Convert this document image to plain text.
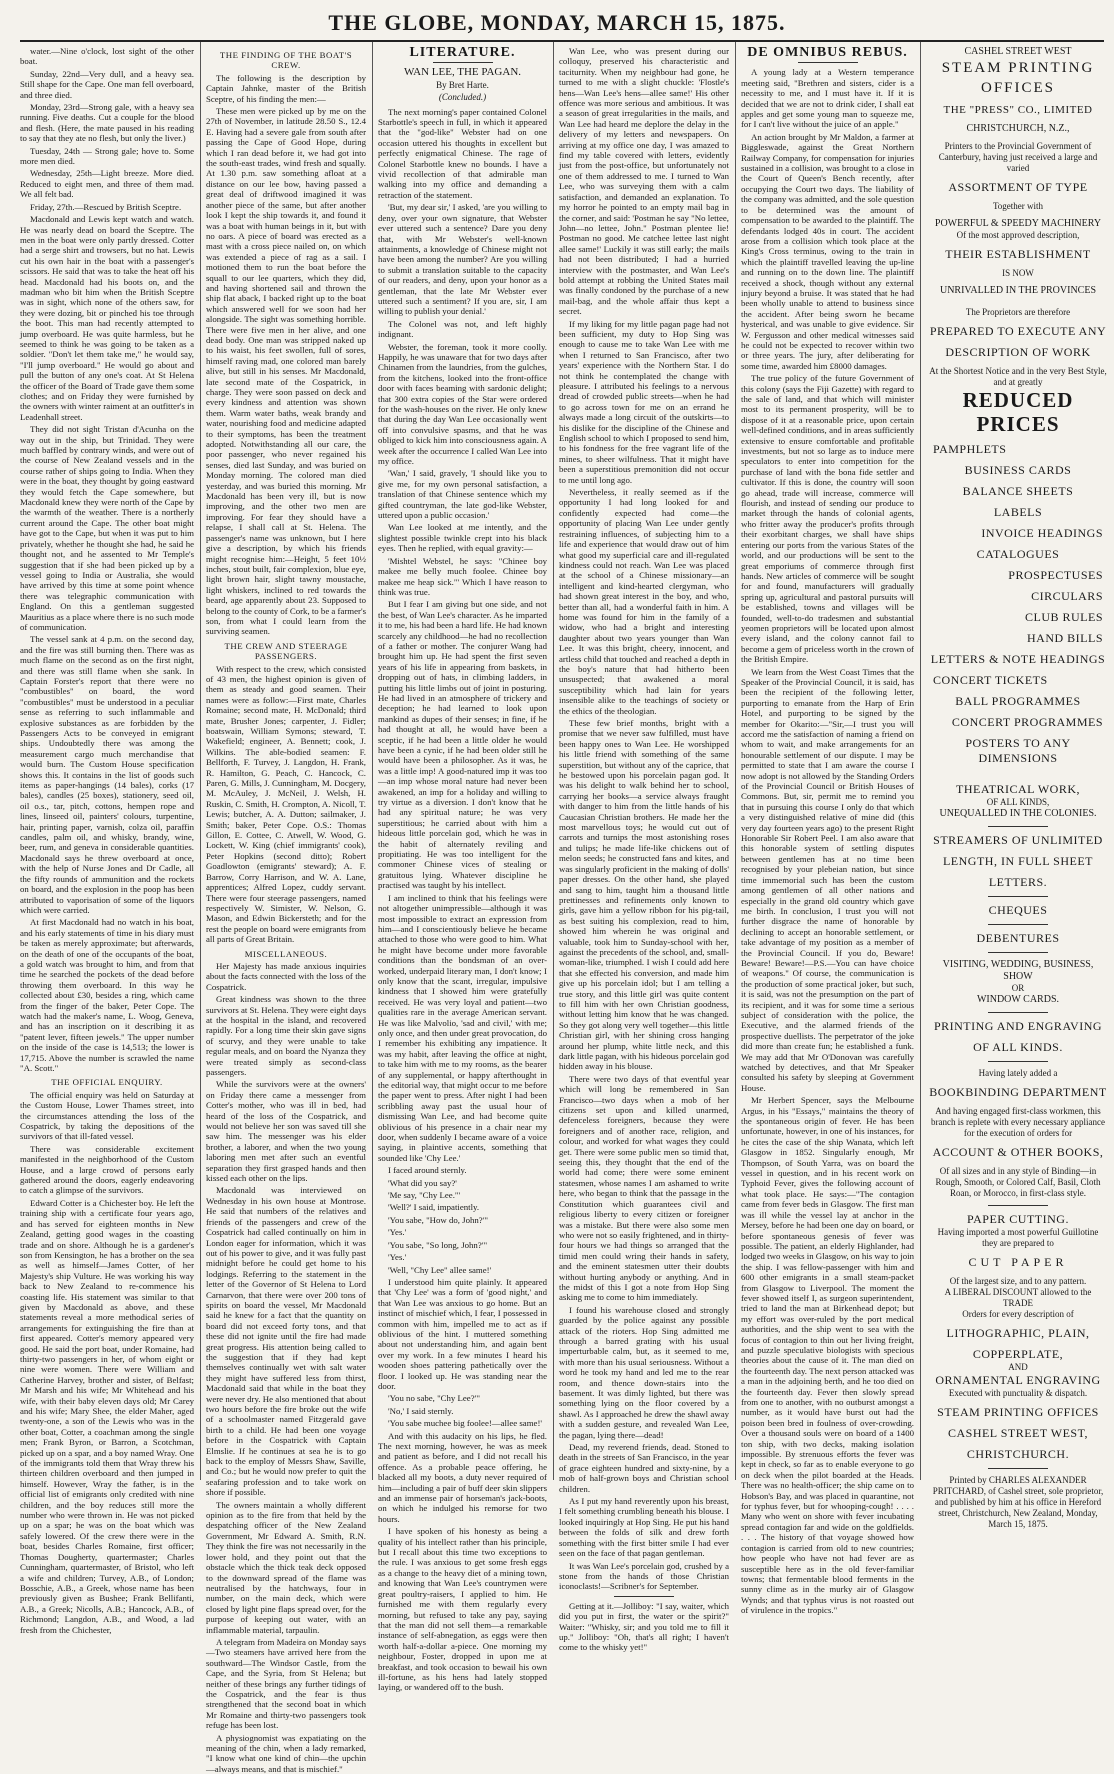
THE GLOBE, MONDAY, MARCH 15, 1875.

water.—Nine o'clock, lost sight of the other boat.

Sunday, 22nd—Very dull, and a heavy sea. Still shape for the Cape. One man fell overboard, and three died.

Monday, 23rd—Strong gale, with a heavy sea running. Five deaths. Cut a couple for the blood and flesh. (Here, the mate paused in his reading to say that they ate no flesh, but only the liver.)

Tuesday, 24th — Strong gale; hove to. Some more men died.

Wednesday, 25th—Light breeze. More died. Reduced to eight men, and three of them mad. We all felt bad.

Friday, 27th.—Rescued by British Sceptre.

Macdonald and Lewis kept watch and watch. He was nearly dead on board the Sceptre. The men in the boat were only partly dressed. Cotter had a serge shirt and trowsers, but no hat. Lewis cut his own hair in the boat with a passenger's scissors. He said that was to take the heat off his head. Macdonald had his boots on, and the madman who bit him when the British Sceptre was in sight, which none of the others saw, for they were dozing, bit or pinched his toe through the boot. This man had recently attempted to jump overboard. He was quite harmless, but he seemed to think he was going to be taken as a soldier. "Don't let them take me," he would say, "I'll jump overboard." He would go about and pull the button of any one's coat. At St Helena the officer of the Board of Trade gave them some clothes; and on Friday they were furnished by the owners with winter raiment at an outfitter's in Leadenhall street.

They did not sight Tristan d'Acunha on the way out in the ship, but Trinidad. They were much baffled by contrary winds, and were out of the course of New Zealand vessels and in the course rather of ships going to India. When they were in the boat, they thought by going eastward they would fetch the Cape somewhere, but Macdonald knew they were north of the Cape by the warmth of the weather. There is a northerly current around the Cape. The other boat might have got to the Cape, but when it was put to him privately, whether he thought she had, he said he thought not, and he assented to Mr Temple's suggestion that if she had been picked up by a vessel going to India or Australia, she would have arrived by this time at some point whence there was telegraphic communication with England. On this a gentleman suggested Mauritius as a place where there is no such mode of communication.

The vessel sank at 4 p.m. on the second day, and the fire was still burning then. There was as much flame on the second as on the first night, and there was still flame when she sank. In Captain Forster's report that there were no "combustibles" on board, the word "combustibles" must be understood in a peculiar sense as referring to such inflammable and explosive substances as are forbidden by the Passengers Acts to be conveyed in emigrant ships. Undoubtedly there was among the measurement cargo much merchandise that would burn. The Custom House specification shows this. It contains in the list of goods such items as paper-hangings (14 bales), corks (17 bales), candles (25 boxes), stationery, seed oil, oil o.s., tar, pitch, cottons, hempen rope and lines, linseed oil, painters' colours, turpentine, hair, printing paper, varnish, colza oil, paraffin candles, palm oil, and whisky, brandy, wine, beer, rum, and geneva in considerable quantities. Macdonald says he threw overboard at once, with the help of Nurse Jones and Dr Cadle, all the fifty rounds of ammunition and the rockets on board, and the explosion in the poop has been attributed to vaporisation of some of the liquors which were carried.

At first Macdonald had no watch in his boat, and his early statements of time in his diary must be taken as merely approximate; but afterwards, on the death of one of the occupants of the boat, a gold watch was brought to him, and from that time he searched the pockets of the dead before throwing them overboard. In this way he collected about £30, besides a ring, which came from the finger of the baker, Peter Cope. The watch had the maker's name, L. Woog, Geneva, and has an inscription on it describing it as "patent lever, fifteen jewels." The upper number on the inside of the case is 14,513; the lower is 17,715. Above the number is scrawled the name "A. Scott."

THE OFFICIAL ENQUIRY.

The official enquiry was held on Saturday at the Custom House, Lower Thames street, into the circumstances attending the loss of the Cospatrick, by taking the depositions of the survivors of that ill-fated vessel.

There was considerable excitement manifested in the neighborhood of the Custom House, and a large crowd of persons early gathered around the doors, eagerly endeavoring to catch a glimpse of the survivors.

Edward Cotter is a Chichester boy. He left the training ship with a certificate four years ago, and has served for eighteen months in New Zealand, getting good wages in the coasting trade and on shore. Although he is a gardener's son from Kensington, he has a brother on the sea as well as himself—James Cotter, of her Majesty's ship Vulture. He was working his way back to New Zealand to re-commence his coasting life. His statement was similar to that given by Macdonald as above, and these statements reveal a more methodical series of arrangements for extinguishing the fire than at first appeared. Cotter's memory appeared very good. He said the port boat, under Romaine, had thirty-two passengers in her, of whom eight or nine were women. There were William and Catherine Harvey, brother and sister, of Belfast; Mr Marsh and his wife; Mr Whitehead and his wife, with their baby eleven days old; Mr Carey and his wife; Mary Shee, the elder Maher, aged twenty-one, a son of the Lewis who was in the other boat, Cotter, a coachman among the single men; Frank Byron, or Barron, a Scotchman, picked up on a spar, and a boy named Wray. One of the immigrants told them that Wray threw his thirteen children overboard and then jumped in himself. However, Wray the father, is in the official list of emigrants only credited with nine children, and the boy reduces still more the number who were thrown in. He was not picked up on a spar; he was on the boat which was safely lowered. Of the crew there were in the boat, besides Charles Romaine, first officer; Thomas Dougherty, quartermaster; Charles Cunningham, quartermaster, of Bristol, who left a wife and children; Turvey, A.B., of London; Bosschie, A.B., a Greek, whose name has been previously given as Bushee; Frank Bellifanti, A.B., a Greek; Nicolls, A.B.; Hancock, A.B., of Richmond; Langdon, A.B., and Wood, a lad fresh from the Chichester,

THE FINDING OF THE BOAT'S CREW.

The following is the description by Captain Jahnke, master of the British Sceptre, of his finding the men:—

These men were picked up by me on the 27th of November, in latitude 28.50 S., 12.4 E. Having had a severe gale from south after passing the Cape of Good Hope, during which I ran dead before it, we had got into the south-east trades, wind fresh and squally. At 1.30 p.m. saw something afloat at a distance on our lee bow, having passed a great deal of driftwood imagined it was another piece of the same, but after another look I kept the ship towards it, and found it was a boat with human beings in it, but with no oars. A piece of board was erected as a mast with a cross piece nailed on, on which was extended a piece of rag as a sail. I motioned them to run the boat before the squall to our lee quarters, which they did, and having shortened sail and thrown the ship flat aback, I backed right up to the boat which answered well for we soon had her alongside. The sight was something horrible. There were five men in her alive, and one dead body. One man was stripped naked up to his waist, his feet swollen, full of sores, himself raving mad, one colored man barely alive, but still in his senses. Mr Macdonald, late second mate of the Cospatrick, in charge. They were soon passed on deck and every kindness and attention was shown them. Warm water baths, weak brandy and water, nourishing food and medicine adapted to their symptoms, has been the treatment adopted. Notwithstanding all our care, the poor passenger, who never regained his senses, died last Sunday, and was buried on Monday morning. The colored man died yesterday, and was buried this morning. Mr Macdonald has been very ill, but is now improving, and the other two men are improving. For fear they should have a relapse, I shall call at St. Helena. The passenger's name was unknown, but I here give a description, by which his friends might recognise him:—Height, 5 feet 10½ inches, stout built, fair complexion, blue eye, light brown hair, slight tawny moustache, light whiskers, inclined to red towards the beard, age apparently about 23. Supposed to belong to the county of Cork, to be a farmer's son, from what I could learn from the surviving seamen.

THE CREW AND STEERAGE PASSENGERS.

With respect to the crew, which consisted of 43 men, the highest opinion is given of them as steady and good seamen. Their names were as follow:—First mate, Charles Romaine; second mate, H. McDonald; third mate, Brusher Jones; carpenter, J. Fidler; boatswain, William Symons; steward, T. Wakefield; engineer, A. Bennett; cook, J. Wilkins. The able-bodied seamen: F. Bellforth, F. Turvey, J. Langdon, H. Frank, R. Hamilton, G. Peach, C. Hancock, C. Paren, G. Mills, J. Cunningham, M. Docgery, M. McAuley, J. McNeil, J. Welsh, H. Ruskin, C. Smith, H. Crompton, A. Nicoll, T. Lewis; butcher, A. A. Dutton; sailmaker, J. Smith; baker, Peter Cope. O.S.: Thomas Gillon, E. Cottee, C. Atwell, W. Wood, G. Lockett, W. King (chief immigrants' cook), Peter Hopkins (second ditto); Robert Goadlowton (emigrants' steward); A. F. Barrow, Corry Harrison, and W. A. Lane, apprentices; Alfred Lopez, cuddy servant. There were four steerage passengers, named respectively W. Simister, W. Nelson, G. Mason, and Edwin Bickersteth; and for the rest the people on board were emigrants from all parts of Great Britain.

MISCELLANEOUS.

Her Majesty has made anxious inquiries about the facts connected with the loss of the Cospatrick.

Great kindness was shown to the three survivors at St. Helena. They were eight days at the hospital in the island, and recovered rapidly. For a long time their skin gave signs of scurvy, and they were unable to take regular meals, and on board the Nyanza they were treated simply as second-class passengers.

While the survivors were at the owners' on Friday there came a messenger from Cotter's mother, who was ill in bed, had heard of the loss of the Cospatrick, and would not believe her son was saved till she saw him. The messenger was his elder brother, a laborer, and when the two young laboring men met after such an eventful separation they first grasped hands and then kissed each other on the lips.

Macdonald was interviewed on Wednesday in his own house at Montrose. He said that numbers of the relatives and friends of the passengers and crew of the Cospatrick had called continually on him in London eager for information, which it was out of his power to give, and it was fully past midnight before he could get home to his lodgings. Referring to the statement in the letter of the Governor of St Helena to Lord Carnarvon, that there were over 200 tons of spirits on board the vessel, Mr Macdonald said he knew for a fact that the quantity on board did not exceed forty tons, and that these did not ignite until the fire had made great progress. His attention being called to the suggestion that if they had kept themselves continually wet with salt water they might have suffered less from thirst, Macdonald said that while in the boat they were never dry. He also mentioned that about two hours before the fire broke out the wife of a schoolmaster named Fitzgerald gave birth to a child. He had been one voyage before in the Cospatrick with Captain Elmslie. If he continues at sea he is to go back to the employ of Messrs Shaw, Saville, and Co.; but he would now prefer to quit the seafaring profession and to take work on shore if possible.

The owners maintain a wholly different opinion as to the fire from that held by the despatching officer of the New Zealand Government, Mr Edward A. Smith, R.N. They think the fire was not necessarily in the lower hold, and they point out that the obstacle which the thick teak deck opposed to the downward spread of the flame was neutralised by the hatchways, four in number, on the main deck, which were closed by light pine flaps spread over, for the purpose of keeping out water, with an inflammable material, tarpaulin.

A telegram from Madeira on Monday says—Two steamers have arrived here from the southward—The Windsor Castle, from the Cape, and the Syria, from St Helena; but neither of these brings any further tidings of the Cospatrick, and the fear is thus strengthened that the second boat in which Mr Romaine and thirty-two passengers took refuge has been lost.

A physiognomist was expatiating on the meaning of the chin, when a lady remarked, "I know what one kind of chin—the upchin—always means, and that is mischief."

LITERATURE.
WAN LEE, THE PAGAN.
By Bret Harte.
(Concluded.)

The next morning's paper contained Colonel Starbottle's speech in full, in which it appeared that the "god-like" Webster had on one occasion uttered his thoughts in excellent but perfectly enigmatical Chinese. The rage of Colonel Starbottle knew no bounds. I have a vivid recollection of that admirable man walking into my office and demanding a retraction of the statement.

'But, my dear sir,' I asked, 'are you willing to deny, over your own signature, that Webster ever uttered such a sentence? Dare you deny that, with Mr Webster's well-known attainments, a knowledge of Chinese might not have been among the number? Are you willing to submit a translation suitable to the capacity of our readers, and deny, upon your honor as a gentleman, that the late Mr Webster ever uttered such a sentiment? If you are, sir, I am willing to publish your denial.'

The Colonel was not, and left highly indignant.

Webster, the foreman, took it more coolly. Happily, he was unaware that for two days after Chinamen from the laundries, from the gulches, from the kitchens, looked into the front-office door with faces beaming with sardonic delight; that 300 extra copies of the Star were ordered for the wash-houses on the river. He only knew that during the day Wan Lee occasionally went off into convulsive spasms, and that he was obliged to kick him into consciousness again. A week after the occurrence I called Wan Lee into my office.

'Wan,' I said, gravely, 'I should like you to give me, for my own personal satisfaction, a translation of that Chinese sentence which my gifted countryman, the late god-like Webster, uttered upon a public occasion.'

Wan Lee looked at me intently, and the slightest possible twinkle crept into his black eyes. Then he replied, with equal gravity:—

'Mishtel Webstel, he says: "Chinee boy makee me belly much foolee. Chinee boy makee me heap sick."' Which I have reason to think was true.

But I fear I am giving but one side, and not the best, of Wan Lee's character. As he imparted it to me, his had been a hard life. He had known scarcely any childhood—he had no recollection of a father or mother. The conjurer Wang had brought him up. He had spent the first seven years of his life in appearing from baskets, in dropping out of hats, in climbing ladders, in putting his little limbs out of joint in posturing. He had lived in an atmosphere of trickery and deception; he had learned to look upon mankind as dupes of their senses; in fine, if he had thought at all, he would have been a sceptic, if he had been a little older he would have been a cynic, if he had been older still he would have been a philosopher. As it was, he was a little imp! A good-natured imp it was too—an imp whose moral nature had never been awakened, an imp for a holiday and willing to try virtue as a diversion. I don't know that he had any spiritual nature; he was very superstitious; he carried about with him a hideous little porcelain god, which he was in the habit of alternately reviling and propitiating. He was too intelligent for the commoner Chinese vices of stealing or gratuitous lying. Whatever discipline he practised was taught by his intellect.

I am inclined to think that his feelings were not altogether unimpressible—although it was most impossible to extract an expression from him—and I conscientiously believe he became attached to those who were good to him. What he might have become under more favorable conditions than the bondsman of an over-worked, underpaid literary man, I don't know; I only know that the scant, irregular, impulsive kindness that I showed him were gratefully received. He was very loyal and patient—two qualities rare in the average American servant. He was like Malvolio, 'sad and civil,' with me; only once, and then under great provocation, do I remember his exhibiting any impatience. It was my habit, after leaving the office at night, to take him with me to my rooms, as the bearer of any supplemental, or happy afterthought in the editorial way, that might occur to me before the paper went to press. After night I had been scribbling away past the usual hour of dismissing Wan Lee, and had become quite oblivious of his presence in a chair near my door, when suddenly I became aware of a voice saying, in plaintive accents, something that sounded like 'Chy Lee.'

I faced around sternly.

'What did you say?'

'Me say, "Chy Lee."'

'Well?' I said, impatiently.

'You sabe, "How do, John?"'

'Yes.'

'You sabe, "So long, John?"'

'Yes.'

'Well, "Chy Lee" allee same!'

I understood him quite plainly. It appeared that 'Chy Lee' was a form of 'good night,' and that Wan Lee was anxious to go home. But an instinct of mischief which, I fear, I possessed in common with him, impelled me to act as if oblivious of the hint. I muttered something about not understanding him, and again bent over my work. In a few minutes I heard his wooden shoes pattering pathetically over the floor. I looked up. He was standing near the door.

'You no sabe, "Chy Lee?"'

'No,' I said sternly.

'You sabe muchee big foolee!—allee same!'

And with this audacity on his lips, he fled. The next morning, however, he was as meek and patient as before, and I did not recall his offence. As a probable peace offering, he blacked all my boots, a duty never required of him—including a pair of buff deer skin slippers and an immense pair of horseman's jack-boots, on which he indulged his remorse for two hours.

I have spoken of his honesty as being a quality of his intellect rather than his principle, but I recall about this time two exceptions to the rule. I was anxious to get some fresh eggs as a change to the heavy diet of a mining town, and knowing that Wan Lee's countrymen were great poultry-raisers, I applied to him. He furnished me with them regularly every morning, but refused to take any pay, saying that the man did not sell them—a remarkable instance of self-abnegation, as eggs were then worth half-a-dollar a-piece. One morning my neighbour, Foster, dropped in upon me at breakfast, and took occasion to bewail his own ill-fortune, as his hens had lately stopped laying, or wandered off to the bush.

Wan Lee, who was present during our colloquy, preserved his characteristic and taciturnity. When my neighbour had gone, he turned to me with a slight chuckle: 'Flostle's hens—Wan Lee's hens—allee same!' His other offence was more serious and ambitious. It was a season of great irregularities in the mails, and Wan Lee had heard me deplore the delay in the delivery of my letters and newspapers. On arriving at my office one day, I was amazed to find my table covered with letters, evidently just from the post-office, but unfortunately not one of them addressed to me. I turned to Wan Lee, who was surveying them with a calm satisfaction, and demanded an explanation. To my horror he pointed to an empty mail bag in the corner, and said: 'Postman he say "No lettee, John—no lettee, John." Postman plentee lie! Postman no good. Me catchee lettee last night allee same!' Luckily it was still early; the mails had not been distributed; I had a hurried interview with the postmaster, and Wan Lee's bold attempt at robbing the United States mail was finally condoned by the purchase of a new mail-bag, and the whole affair thus kept a secret.

If my liking for my little pagan page had not been sufficient, my duty to Hop Sing was enough to cause me to take Wan Lee with me when I returned to San Francisco, after two years' experience with the Northern Star. I do not think he contemplated the change with pleasure. I attributed his feelings to a nervous dread of crowded public streets—when he had to go across town for me on an errand he always made a long circuit of the outskirts—to his dislike for the discipline of the Chinese and English school to which I proposed to send him, to his fondness for the free vagrant life of the mines, to sheer wilfulness. That it might have been a superstitious premonition did not occur to me until long ago.

Nevertheless, it really seemed as if the opportunity I had long looked for and confidently expected had come—the opportunity of placing Wan Lee under gently restraining influences, of subjecting him to a life and experience that would draw out of him what good my superficial care and ill-regulated kindness could not reach. Wan Lee was placed at the school of a Chinese missionary—an intelligent and kind-hearted clergyman, who had shown great interest in the boy, and who, better than all, had a wonderful faith in him. A home was found for him in the family of a widow, who had a bright and interesting daughter about two years younger than Wan Lee. It was this bright, cheery, innocent, and artless child that touched and reached a depth in the boy's nature that had hitherto been unsuspected; that awakened a moral susceptibility which had lain for years insensible alike to the teachings of society or the ethics of the theologian.

These few brief months, bright with a promise that we never saw fulfilled, must have been happy ones to Wan Lee. He worshipped his little friend with something of the same superstition, but without any of the caprice, that he bestowed upon his porcelain pagan god. It was his delight to walk behind her to school, carrying her books—a service always fraught with danger to him from the little hands of his Caucasian Christian brothers. He made her the most marvellous toys; he would cut out of carrots and turnips the most astonishing roses and tulips; he made life-like chickens out of melon seeds; he constructed fans and kites, and was singularly proficient in the making of dolls' paper dresses. On the other hand, she played and sang to him, taught him a thousand little prettinesses and refinements only known to girls, gave him a yellow ribbon for his pig-tail, as best suiting his complexion, read to him, showed him wherein he was original and valuable, took him to Sunday-school with her, against the precedents of the school, and, small-woman-like, triumphed. I wish I could add here that she effected his conversion, and made him give up his porcelain idol; but I am telling a true story, and this little girl was quite content to fill him with her own Christian goodness, without letting him know that he was changed. So they got along very well together—this little Christian girl, with her shining cross hanging around her plump, white little neck, and this dark little pagan, with his hideous porcelain god hidden away in his blouse.

There were two days of that eventful year which will long be remembered in San Francisco—two days when a mob of her citizens set upon and killed unarmed, defenceless foreigners, because they were foreigners and of another race, religion, and colour, and worked for what wages they could get. There were some public men so timid that, seeing this, they thought that the end of the world had come; there were some eminent statesmen, whose names I am ashamed to write here, who began to think that the passage in the Constitution which guarantees civil and religious liberty to every citizen or foreigner was a mistake. But there were also some men who were not so easily frightened, and in thirty-four hours we had things so arranged that the timid men could wring their hands in safety, and the eminent statesmen utter their doubts without hurting anybody or anything. And in the midst of this I got a note from Hop Sing asking me to come to him immediately.

I found his warehouse closed and strongly guarded by the police against any possible attack of the rioters. Hop Sing admitted me through a barred grating with his usual imperturbable calm, but, as it seemed to me, with more than his usual seriousness. Without a word he took my hand and led me to the rear room, and thence down-stairs into the basement. It was dimly lighted, but there was something lying on the floor covered by a shawl. As I approached he drew the shawl away with a sudden gesture, and revealed Wan Lee, the pagan, lying there—dead!

Dead, my reverend friends, dead. Stoned to death in the streets of San Francisco, in the year of grace eighteen hundred and sixty-nine, by a mob of half-grown boys and Christian school children.

As I put my hand reverently upon his breast, I felt something crumbling beneath his blouse. I looked inquiringly at Hop Sing. He put his hand between the folds of silk and drew forth something with the first bitter smile I had ever seen on the face of that pagan gentleman.

It was Wan Lee's porcelain god, crushed by a stone from the hands of those Christian iconoclasts!—Scribner's for September.

Getting at it.—Jolliboy: "I say, waiter, which did you put in first, the water or the spirit?" Waiter: "Whisky, sir; and you told me to fill it up." Jolliboy: "Oh, that's all right; I haven't come to the whisky yet!"

DE OMNIBUS REBUS.

A young lady at a Western temperance meeting said, "Brethren and sisters, cider is a necessity to me, and I must have it. If it is decided that we are not to drink cider, I shall eat apples and get some young man to squeeze me, for I can't live without the juice of an apple."

An action brought by Mr Maldon, a farmer at Biggleswade, against the Great Northern Railway Company, for compensation for injuries sustained in a collision, was brought to a close in the Court of Queen's Bench recently, after occupying the Court two days. The liability of the company was admitted, and the sole question to be determined was the amount of compensation to be awarded to the plaintiff. The defendants lodged 40s in court. The accident arose from a collision which took place at the King's Cross terminus, owing to the train in which the plaintiff travelled leaving the up-line and running on to the down line. The plaintiff received a shock, though without any external injury beyond a bruise. It was stated that he had been wholly unable to attend to business since the accident. After being sworn he became hysterical, and was unable to give evidence. Sir W. Fergusson and other medical witnesses said he could not be expected to recover within two or three years. The jury, after deliberating for some time, awarded him £8000 damages.

The true policy of the future Government of this colony (says the Fiji Gazette) with regard to the sale of land, and that which will minister most to its permanent prosperity, will be to dispose of it at a reasonable price, upon certain well-defined conditions, and in areas sufficiently extensive to ensure comfortable and profitable investments, but not so large as to induce mere speculators to enter into competition for the purchase of land with the bona fide settler and cultivator. If this is done, the country will soon go ahead, trade will increase, commerce will flourish, and instead of sending our produce to market through the hands of colonial agents, who fritter away the producer's profits through their exorbitant charges, we shall have ships entering our ports from the various States of the world, and our productions will be sent to the great emporiums of commerce through first hands. New articles of commerce will be sought for and found, manufacturers will gradually spring up, agricultural and pastoral pursuits will be established, towns and villages will be founded, well-to-do tradesmen and substantial yeomen proprietors will be located upon almost every island, and the colony cannot fail to become a gem of priceless worth in the crown of the British Empire.

We learn from the West Coast Times that the Speaker of the Provincial Council, it is said, has been the recipient of the following letter, purporting to emanate from the Harp of Erin Hotel, and purporting to be signed by the member for Okarito:—"Sir,—I trust you will accord me the satisfaction of naming a friend on whom to wait, and make arrangements for an honourable settlement of our dispute. I may be permitted to state that I am aware the course I now adopt is not allowed by the Standing Orders of the Provincial Council or British Houses of Commons. But, sir, permit me to remind you that in pursuing this course I only do that which a very distinguished relative of mine did (this very day fourteen years ago) to the present Right Honorable Sir Robert Peel. I am also aware that this honorable system of settling disputes between gentlemen has at no time been recognised by your plebeian nation, but since time immemorial such has been the custom among gentlemen of all other nations and especially in the grand old country which gave me birth. In conclusion, I trust you will not further disgrace the name of honorable by declining to accept an honorable settlement, or take advantage of my position as a member of the Provincial Council. If you do, Beware! Beware! Beware!—P.S.—You can have choice of weapons." Of course, the communication is the production of some practical joker, but such, it is said, was not the presumption on the part of its recipient, and it was for some time a serious subject of consideration with the police, the Executive, and the alarmed friends of the prospective duellists. The perpetrator of the joke did more than create fun; he established a funk. We may add that Mr O'Donovan was carefully watched by detectives, and that Mr Speaker consulted his safety by sleeping at Government House.

Mr Herbert Spencer, says the Melbourne Argus, in his "Essays," maintains the theory of the spontaneous origin of fever. He has been unfortunate, however, in one of his instances, for he cites the case of the ship Wanata, which left Glasgow in 1852. Singularly enough, Mr Thompson, of South Yarra, was on board the vessel in question, and in his recent work on Typhoid Fever, gives the following account of what took place. He says:—"The contagion came from fever beds in Glasgow. The first man was ill while the vessel lay at anchor in the Mersey, before he had been one day on board, or before spontaneous genesis of fever was possible. The patient, an elderly Highlander, had lodged two weeks in Glasgow, on his way to join the ship. I was fellow-passenger with him and 600 other emigrants in a small steam-packet from Glasgow to Liverpool. The moment the fever showed itself I, as surgeon superintendent, tried to land the man at Birkenhead depot; but my effort was over-ruled by the port medical authorities, and the ship went to sea with the focus of contagion to thin out her living freight, and puzzle speculative biologists with specious theories about the cause of it. The man died on the fourteenth day. The next person attacked was a man in the adjoining berth, and he too died on the fourteenth day. Fever then slowly spread from one to another, with no outburst amongst a number, as it would have burst out had the poison been bred in foulness of over-crowding. Over a thousand souls were on board of a 1400 ton ship, with two decks, making isolation impossible. By strenuous efforts the fever was kept in check, so far as to enable everyone to go on deck when the pilot boarded at the Heads. There was no health-officer; the ship came on to Hobson's Bay, and was placed in quarantine, not for typhus fever, but for whooping-cough! . . . . Many who went on shore with fever incubating spread contagion far and wide on the goldfields. . . . The history of that voyage showed how contagion is carried from old to new countries; how people who have not had fever are as susceptible here as in the old fever-familiar towns; that fermentable blood ferments in the sunny clime as in the murky air of Glasgow Wynds; and that typhus virus is not roasted out of virulence in the tropics."

CASHEL STREET WEST
STEAM PRINTING OFFICES
THE "PRESS" CO., LIMITED
CHRISTCHURCH, N.Z.,
Printers to the Provincial Government of Canterbury, having just received a large and varied
ASSORTMENT OF TYPE
Together with
POWERFUL & SPEEDY MACHINERY
Of the most approved description,
THEIR ESTABLISHMENT
IS NOW
UNRIVALLED IN THE PROVINCES
The Proprietors are therefore
PREPARED TO EXECUTE ANY
DESCRIPTION OF WORK
At the Shortest Notice and in the very Best Style, and at greatly
REDUCED PRICES
PAMPHLETS
BUSINESS CARDS
BALANCE SHEETS
LABELS
INVOICE HEADINGS
CATALOGUES
PROSPECTUSES
CIRCULARS
CLUB RULES
HAND BILLS
LETTERS & NOTE HEADINGS
CONCERT TICKETS
BALL PROGRAMMES
CONCERT PROGRAMMES
POSTERS TO ANY DIMENSIONS
THEATRICAL WORK,
OF ALL KINDS,
UNEQUALLED IN THE COLONIES.
STREAMERS OF UNLIMITED
LENGTH, IN FULL SHEET
LETTERS.
CHEQUES
DEBENTURES
VISITING, WEDDING, BUSINESS, SHOW
OR
WINDOW CARDS.
PRINTING AND ENGRAVING
OF ALL KINDS.
Having lately added a
BOOKBINDING DEPARTMENT
And having engaged first-class workmen, this branch is replete with every necessary appliance for the execution of orders for
ACCOUNT & OTHER BOOKS,
Of all sizes and in any style of Binding—in Rough, Smooth, or Colored Calf, Basil, Cloth Roan, or Morocco, in first-class style.
PAPER CUTTING.
Having imported a most powerful Guillotine they are prepared to
CUT PAPER
Of the largest size, and to any pattern.
A LIBERAL DISCOUNT allowed to the TRADE
Orders for every description of
LITHOGRAPHIC, PLAIN,
COPPERPLATE,
AND
ORNAMENTAL ENGRAVING
Executed with punctuality & dispatch.
STEAM PRINTING OFFICES
CASHEL STREET WEST,
CHRISTCHURCH.
Printed by CHARLES ALEXANDER PRITCHARD, of Cashel street, sole proprietor, and published by him at his office in Hereford street, Christchurch, New Zealand, Monday, March 15, 1875.
